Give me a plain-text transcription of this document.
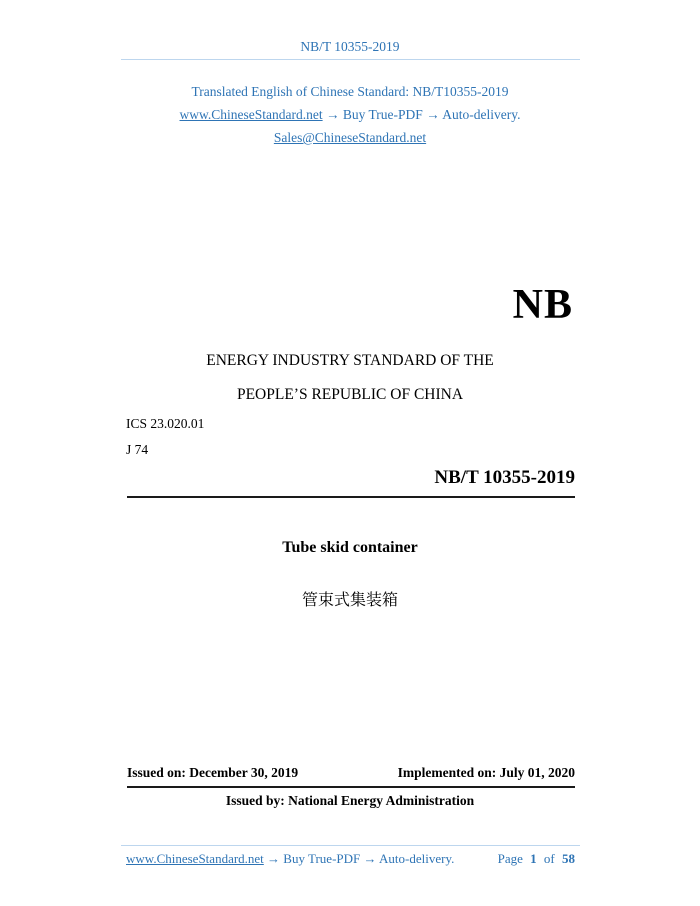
NB/T 10355-2019
Translated English of Chinese Standard: NB/T10355-2019
www.ChineseStandard.net → Buy True-PDF → Auto-delivery.
Sales@ChineseStandard.net
NB
ENERGY INDUSTRY STANDARD OF THE
PEOPLE’S REPUBLIC OF CHINA
ICS 23.020.01
J 74
NB/T 10355-2019
Tube skid container
管束式集装箱
Issued on: December 30, 2019	Implemented on: July 01, 2020
Issued by: National Energy Administration
www.ChineseStandard.net → Buy True-PDF → Auto-delivery.	Page 1 of 58
